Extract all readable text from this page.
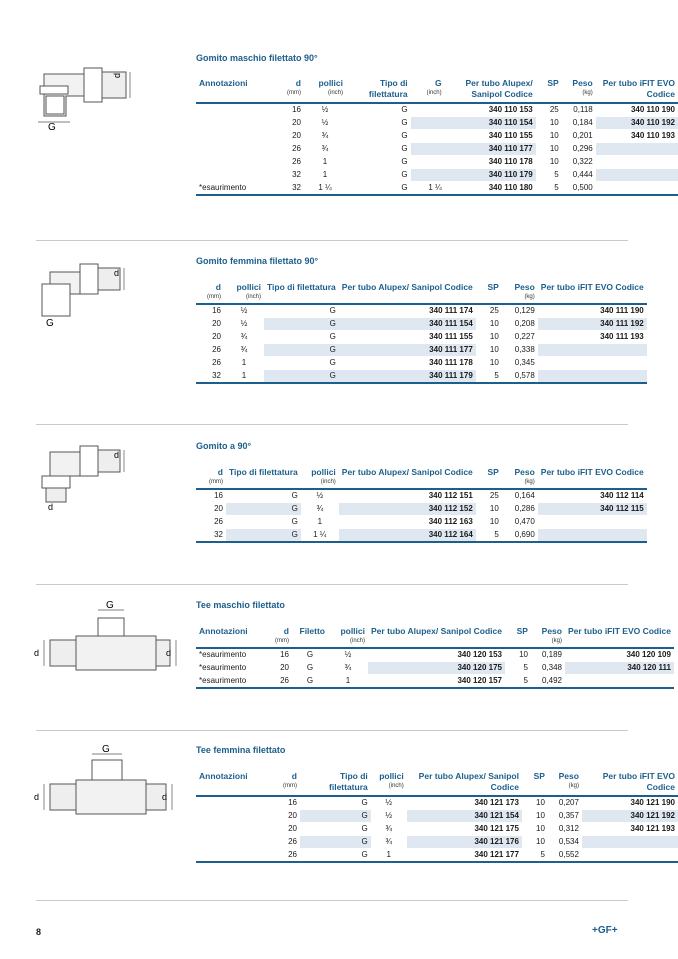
d
G
Gomito maschio filettato 90°
Annotazioni	d
(mm)	pollici
(inch)	Tipo di filettatura	G
(inch)	Per tubo Alupex/ Sanipol Codice	SP	Peso
(kg)	Per tubo iFIT EVO Codice

	16	½	G		340 110 153	25	0,118	340 110 190
	20	½	G		340 110 154	10	0,184	340 110 192
	20	¾	G		340 110 155	10	0,201	340 110 193
	26	¾	G		340 110 177	10	0,296	
	26	1	G		340 110 178	10	0,322	
	32	1	G		340 110 179	5	0,444	
*esaurimento	32	1 ¼	G	1 ¼	340 110 180	5	0,500	
d
G
Gomito femmina filettato 90°
d
(mm)	pollici
(inch)	Tipo di filettatura	Per tubo Alupex/ Sanipol Codice	SP	Peso
(kg)	Per tubo iFIT EVO Codice

16	½	G	340 111 174	25	0,129	340 111 190
20	½	G	340 111 154	10	0,208	340 111 192
20	¾	G	340 111 155	10	0,227	340 111 193
26	¾	G	340 111 177	10	0,338	
26	1	G	340 111 178	10	0,345	
32	1	G	340 111 179	5	0,578	
d
d
Gomito a 90°
d
(mm)	Tipo di filettatura	pollici
(inch)	Per tubo Alupex/ Sanipol Codice	SP	Peso
(kg)	Per tubo iFIT EVO Codice

16	G	½	340 112 151	25	0,164	340 112 114
20	G	¾	340 112 152	10	0,286	340 112 115
26	G	1	340 112 163	10	0,470	
32	G	1 ¼	340 112 164	5	0,690	
G
d	d
Tee maschio filettato
Annotazioni	d
(mm)	Filetto	pollici
(inch)	Per tubo Alupex/ Sanipol Codice	SP	Peso
(kg)	Per tubo iFIT EVO Codice

*esaurimento	16	G	½	340 120 153	10	0,189	340 120 109
*esaurimento	20	G	¾	340 120 175	5	0,348	340 120 111
*esaurimento	26	G	1	340 120 157	5	0,492	
G
d	d
Tee femmina filettato
Annotazioni	d
(mm)	Tipo di filettatura	pollici
(inch)	Per tubo Alupex/ Sanipol Codice	SP	Peso
(kg)	Per tubo iFIT EVO Codice

	16	G	½	340 121 173	10	0,207	340 121 190
	20	G	½	340 121 154	10	0,357	340 121 192
	20	G	¾	340 121 175	10	0,312	340 121 193
	26	G	¾	340 121 176	10	0,534	
	26	G	1	340 121 177	5	0,552	
8	+GF+
